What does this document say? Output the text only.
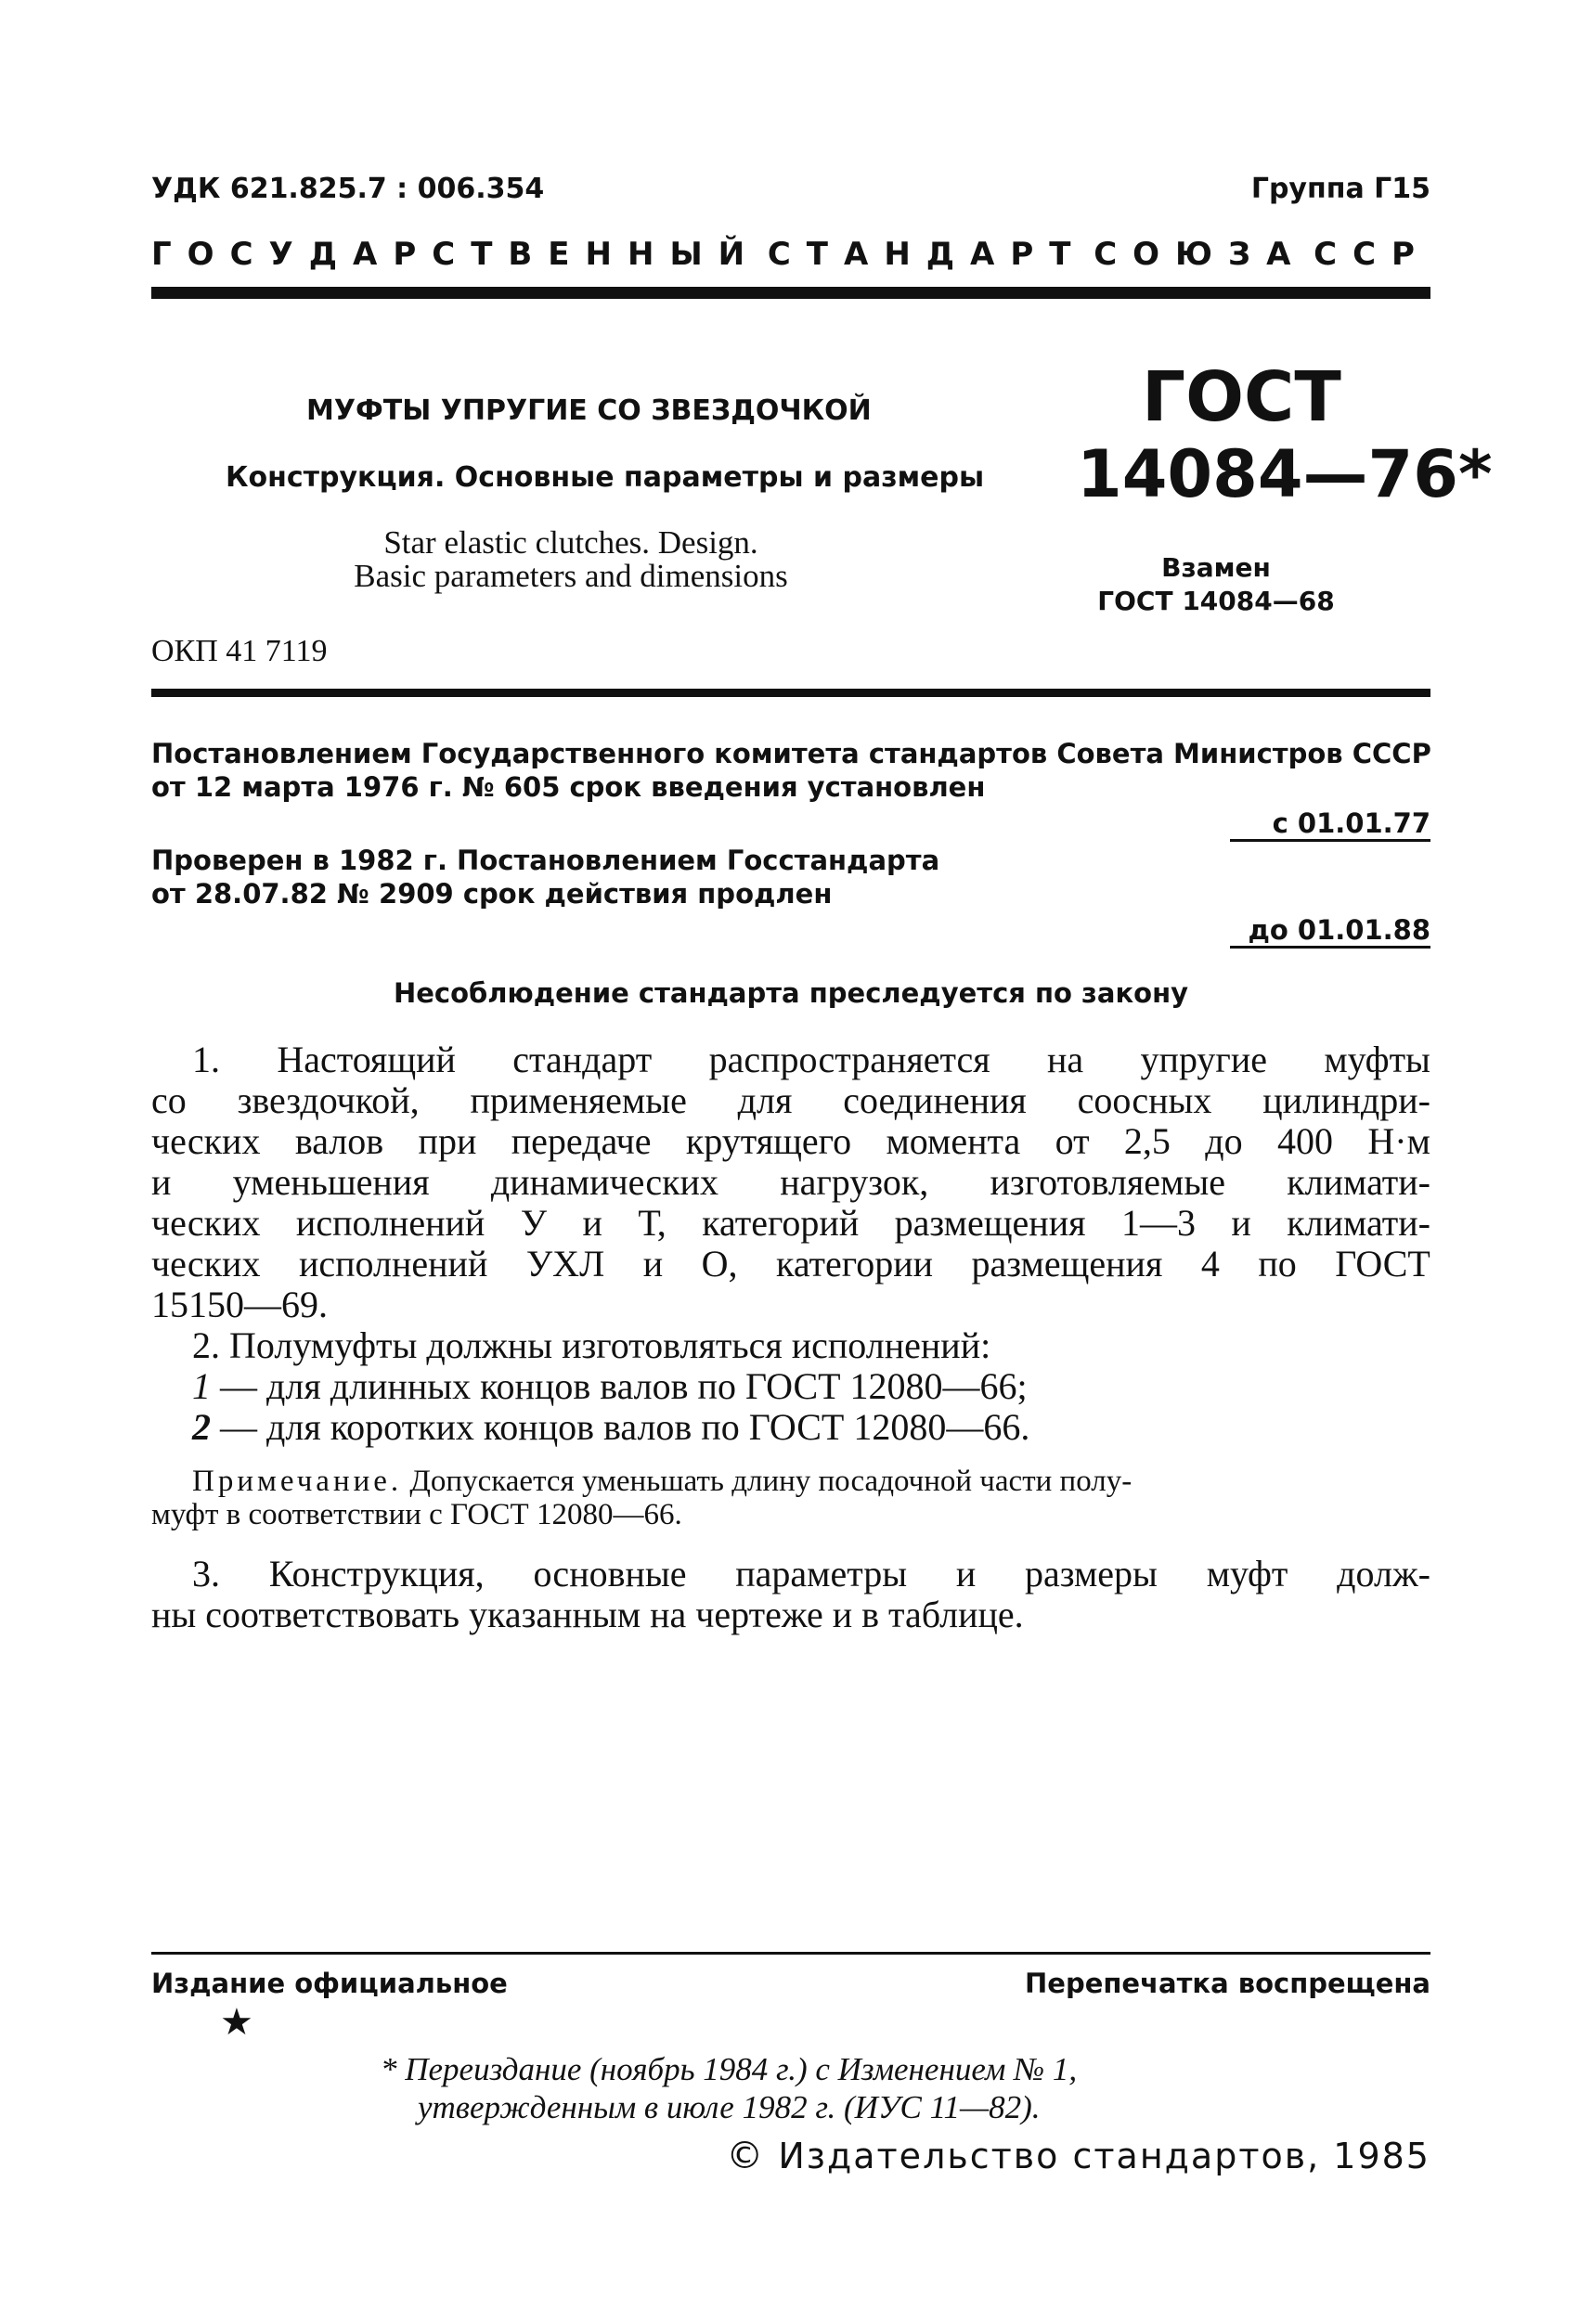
УДК 621.825.7 : 006.354	Группа Г15
ГОСУДАРСТВЕННЫЙ СТАНДАРТ СОЮЗА ССР
МУФТЫ УПРУГИЕ СО ЗВЕЗДОЧКОЙ
Конструкция. Основные параметры и размеры
Star elastic clutches. Design.
Basic parameters and dimensions
ГОСТ
14084—76*
Взамен
ГОСТ 14084—68
ОКП 41 7119
Постановлением Государственного комитета стандартов Совета Министров СССР
от 12 марта 1976 г. № 605 срок введения установлен
с 01.01.77
Проверен в 1982 г. Постановлением Госстандарта
от 28.07.82 № 2909 срок действия продлен
до 01.01.88
Несоблюдение стандарта преследуется по закону
1. Настоящий стандарт распространяется на упругие муфты
со звездочкой, применяемые для соединения соосных цилиндри-
ческих валов при передаче крутящего момента от 2,5 до 400 Н·м
и уменьшения динамических нагрузок, изготовляемые климати-
ческих исполнений У и Т, категорий размещения 1—3 и климати-
ческих исполнений УХЛ и О, категории размещения 4 по ГОСТ
15150—69.
2. Полумуфты должны изготовляться исполнений:
1
— для длинных концов валов по ГОСТ 12080—66;
2
— для коротких концов валов по ГОСТ 12080—66.
Примечание. Допускается уменьшать длину посадочной части полу-
муфт в соответствии с ГОСТ 12080—66.
3. Конструкция, основные параметры и размеры муфт долж-
ны соответствовать указанным на чертеже и в таблице.
Издание официальное	Перепечатка воспрещена
★
* Переиздание (ноябрь 1984 г.) с Изменением № 1,
утвержденным в июле 1982 г. (ИУС 11—82).
© Издательство стандартов, 1985
